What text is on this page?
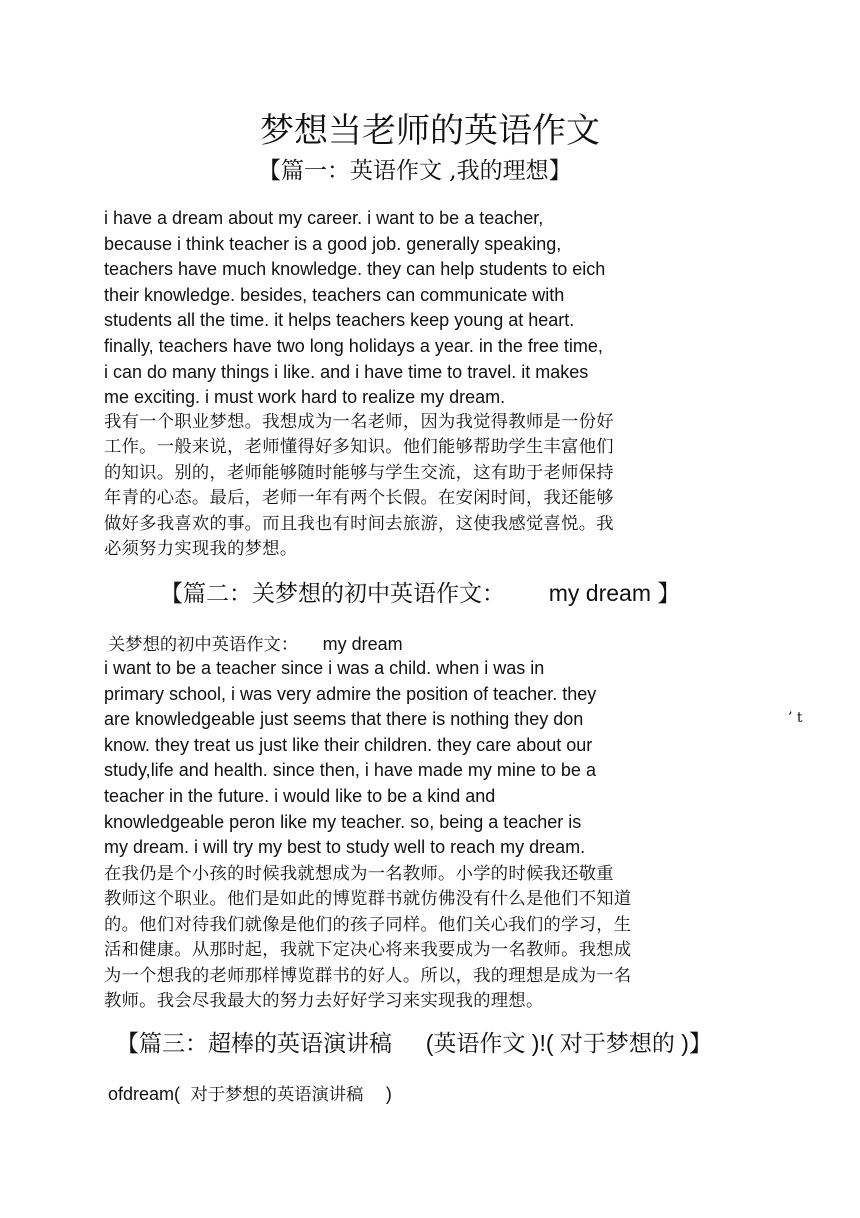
梦想当老师的英语作文
【篇一：英语作文 ,我的理想】
i have a dream about my career. i want to be a teacher,
because i think teacher is a good job. generally speaking,
teachers have much knowledge. they can help students to eich
their knowledge. besides, teachers can communicate with
students all the time. it helps teachers keep young at heart.
finally, teachers have two long holidays a year. in the free time,
i can do many things i like. and i have time to travel. it makes
me exciting. i must work hard to realize my dream.
我有一个职业梦想。我想成为一名老师，因为我觉得教师是一份好
工作。一般来说，老师懂得好多知识。他们能够帮助学生丰富他们
的知识。别的，老师能够随时能够与学生交流，这有助于老师保持
年青的心态。最后，老师一年有两个长假。在安闲时间，我还能够
做好多我喜欢的事。而且我也有时间去旅游，这使我感觉喜悦。我
必须努力实现我的梦想。
【篇二：关梦想的初中英语作文： my dream 】
关梦想的初中英语作文： my dream
i want to be a teacher since i was a child. when i was in
primary school, i was very admire the position of teacher. they
are knowledgeable just seems that there is nothing they don
know. they treat us just like their children. they care about our
study,life and health. since then, i have made my mine to be a
teacher in the future. i would like to be a kind and
knowledgeable peron like my teacher. so, being a teacher is
my dream. i will try my best to study well to reach my dream.
’ t
在我仍是个小孩的时候我就想成为一名教师。小学的时候我还敬重
教师这个职业。他们是如此的博览群书就仿佛没有什么是他们不知道
的。他们对待我们就像是他们的孩子同样。他们关心我们的学习，生
活和健康。从那时起，我就下定决心将来我要成为一名教师。我想成
为一个想我的老师那样博览群书的好人。所以，我的理想是成为一名
教师。我会尽我最大的努力去好好学习来实现我的理想。
【篇三：超棒的英语演讲稿 (英语作文 )!( 对于梦想的 )】
ofdream( 对于梦想的英语演讲稿 )
